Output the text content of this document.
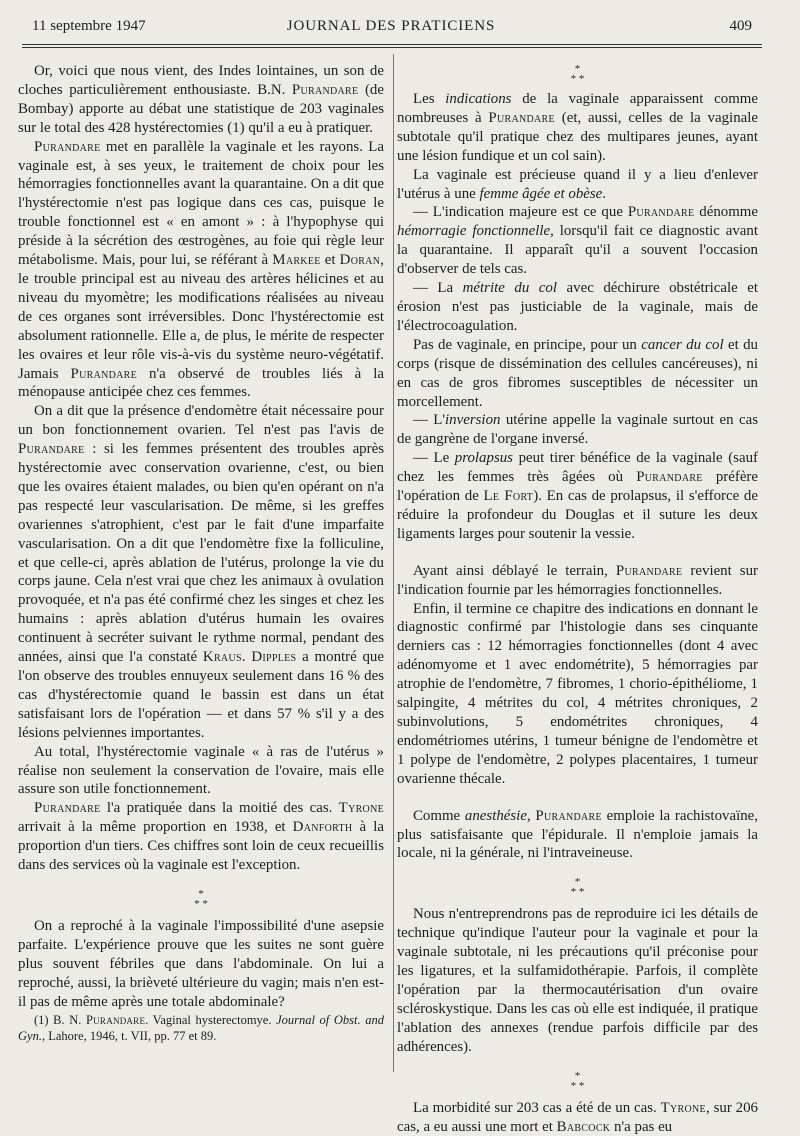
11 septembre 1947	JOURNAL DES PRATICIENS	409

Or, voici que nous vient, des Indes lointaines, un son de cloches particulièrement enthousiaste. B.N. Purandare (de Bombay) apporte au débat une statistique de 203 vaginales sur le total des 428 hystérectomies (1) qu'il a eu à pratiquer.

Purandare met en parallèle la vaginale et les rayons. La vaginale est, à ses yeux, le traitement de choix pour les hémorragies fonctionnelles avant la quarantaine. On a dit que l'hystérectomie n'est pas logique dans ces cas, puisque le trouble fonctionnel est « en amont » : à l'hypophyse qui préside à la sécrétion des œstrogènes, au foie qui règle leur métabolisme. Mais, pour lui, se référant à Markee et Doran, le trouble principal est au niveau des artères hélicines et au niveau du myomètre; les modifications réalisées au niveau de ces organes sont irréversibles. Donc l'hystérectomie est absolument rationnelle. Elle a, de plus, le mérite de respecter les ovaires et leur rôle vis-à-vis du système neuro-végétatif. Jamais Purandare n'a observé de troubles liés à la ménopause anticipée chez ces femmes.

On a dit que la présence d'endomètre était nécessaire pour un bon fonctionnement ovarien. Tel n'est pas l'avis de Purandare : si les femmes présentent des troubles après hystérectomie avec conservation ovarienne, c'est, ou bien que les ovaires étaient malades, ou bien qu'en opérant on n'a pas respecté leur vascularisation. De même, si les greffes ovariennes s'atrophient, c'est par le fait d'une imparfaite vascularisation. On a dit que l'endomètre fixe la folliculine, et que celle-ci, après ablation de l'utérus, prolonge la vie du corps jaune. Cela n'est vrai que chez les animaux à ovulation provoquée, et n'a pas été confirmé chez les singes et chez les humains : après ablation d'utérus humain les ovaires continuent à secréter suivant le rythme normal, pendant des années, ainsi que l'a constaté Kraus. Dipples a montré que l'on observe des troubles ennuyeux seulement dans 16 % des cas d'hystérectomie quand le bassin est dans un état satisfaisant lors de l'opération — et dans 57 % s'il y a des lésions pelviennes importantes.

Au total, l'hystérectomie vaginale « à ras de l'utérus » réalise non seulement la conservation de l'ovaire, mais elle assure son utile fonctionnement.

Purandare l'a pratiquée dans la moitié des cas. Tyrone arrivait à la même proportion en 1938, et Danforth à la proportion d'un tiers. Ces chiffres sont loin de ceux recueillis dans des services où la vaginale est l'exception.

*
* *

On a reproché à la vaginale l'impossibilité d'une asepsie parfaite. L'expérience prouve que les suites ne sont guère plus souvent fébriles que dans l'abdominale. On lui a reproché, aussi, la brièveté ultérieure du vagin; mais n'en est-il pas de même après une totale abdominale?

(1) B. N. Purandare. Vaginal hysterectomye. Journal of Obst. and Gyn., Lahore, 1946, t. VII, pp. 77 et 89.

*
* *

Les indications de la vaginale apparaissent comme nombreuses à Purandare (et, aussi, celles de la vaginale subtotale qu'il pratique chez des multipares jeunes, ayant une lésion fundique et un col sain).

La vaginale est précieuse quand il y a lieu d'enlever l'utérus à une femme âgée et obèse.

— L'indication majeure est ce que Purandare dénomme hémorragie fonctionnelle, lorsqu'il fait ce diagnostic avant la quarantaine. Il apparaît qu'il a souvent l'occasion d'observer de tels cas.

— La métrite du col avec déchirure obstétricale et érosion n'est pas justiciable de la vaginale, mais de l'électrocoagulation.

Pas de vaginale, en principe, pour un cancer du col et du corps (risque de dissémination des cellules cancéreuses), ni en cas de gros fibromes susceptibles de nécessiter un morcellement.

— L'inversion utérine appelle la vaginale surtout en cas de gangrène de l'organe inversé.

— Le prolapsus peut tirer bénéfice de la vaginale (sauf chez les femmes très âgées où Purandare préfère l'opération de Le Fort). En cas de prolapsus, il s'efforce de réduire la profondeur du Douglas et il suture les deux ligaments larges pour soutenir la vessie.

Ayant ainsi déblayé le terrain, Purandare revient sur l'indication fournie par les hémorragies fonctionnelles.

Enfin, il termine ce chapitre des indications en donnant le diagnostic confirmé par l'histologie dans ses cinquante derniers cas : 12 hémorragies fonctionnelles (dont 4 avec adénomyome et 1 avec endométrite), 5 hémorragies par atrophie de l'endomètre, 7 fibromes, 1 chorio-épithéliome, 1 salpingite, 4 métrites du col, 4 métrites chroniques, 2 subinvolutions, 5 endométrites chroniques, 4 endométriomes utérins, 1 tumeur bénigne de l'endomètre et 1 polype de l'endomètre, 2 polypes placentaires, 1 tumeur ovarienne thécale.

Comme anesthésie, Purandare emploie la rachistovaïne, plus satisfaisante que l'épidurale. Il n'emploie jamais la locale, ni la générale, ni l'intraveineuse.

*
* *

Nous n'entreprendrons pas de reproduire ici les détails de technique qu'indique l'auteur pour la vaginale et pour la vaginale subtotale, ni les précautions qu'il préconise pour les ligatures, et la sulfamidothérapie. Parfois, il complète l'opération par la thermocautérisation d'un ovaire scléroskystique. Dans les cas où elle est indiquée, il pratique l'ablation des annexes (rendue parfois difficile par des adhérences).

*
* *

La morbidité sur 203 cas a été de un cas. Tyrone, sur 206 cas, a eu aussi une mort et Babcock n'a pas eu
